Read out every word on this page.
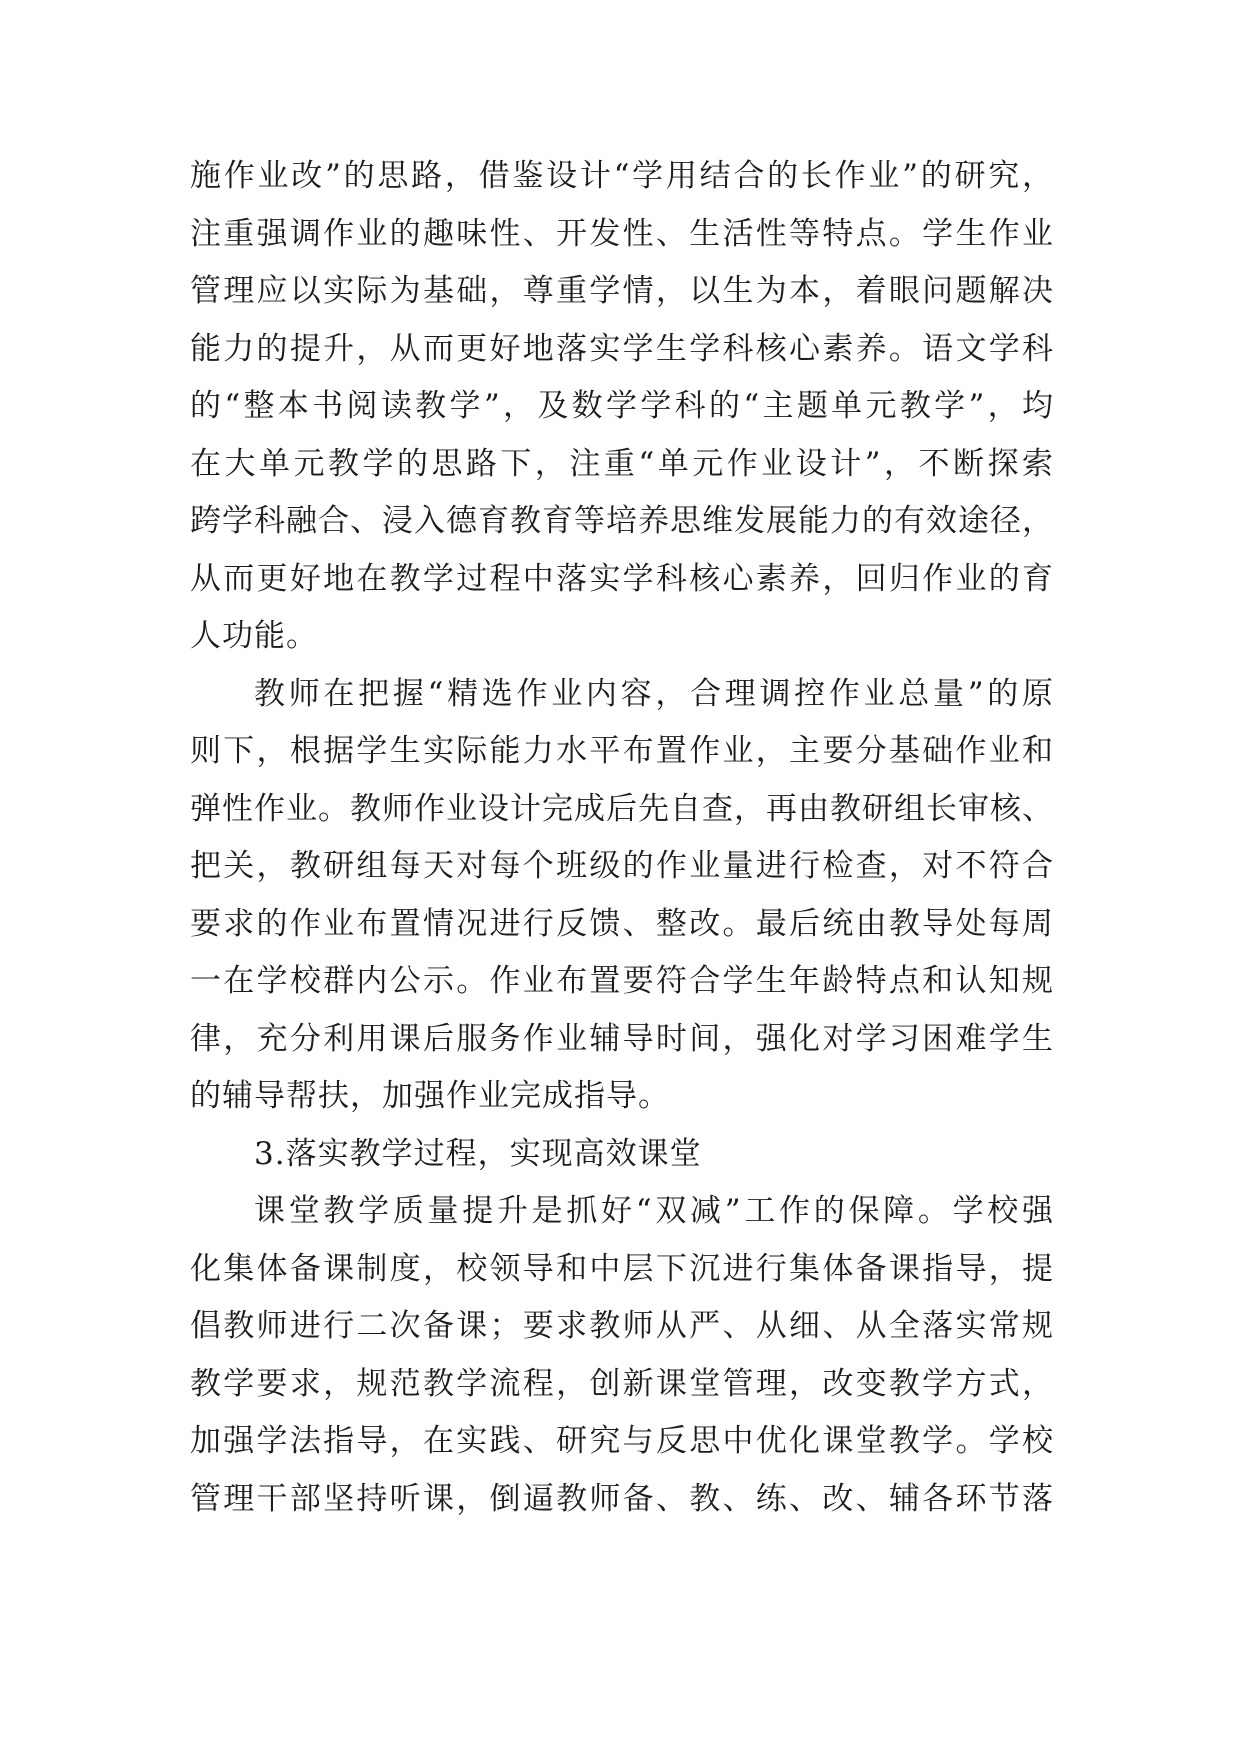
施作业改”的思路，借鉴设计“学用结合的长作业”的研究，
注重强调作业的趣味性、开发性、生活性等特点。学生作业
管理应以实际为基础，尊重学情，以生为本，着眼问题解决
能力的提升，从而更好地落实学生学科核心素养。语文学科
的“整本书阅读教学”，及数学学科的“主题单元教学”，均
在大单元教学的思路下，注重“单元作业设计”，不断探索
跨学科融合、浸入德育教育等培养思维发展能力的有效途径，
从而更好地在教学过程中落实学科核心素养，回归作业的育
人功能。
教师在把握“精选作业内容，合理调控作业总量”的原
则下，根据学生实际能力水平布置作业，主要分基础作业和
弹性作业。教师作业设计完成后先自查，再由教研组长审核、
把关，教研组每天对每个班级的作业量进行检查，对不符合
要求的作业布置情况进行反馈、整改。最后统由教导处每周
一在学校群内公示。作业布置要符合学生年龄特点和认知规
律，充分利用课后服务作业辅导时间，强化对学习困难学生
的辅导帮扶，加强作业完成指导。
3.落实教学过程，实现高效课堂
课堂教学质量提升是抓好“双减”工作的保障。学校强
化集体备课制度，校领导和中层下沉进行集体备课指导，提
倡教师进行二次备课；要求教师从严、从细、从全落实常规
教学要求，规范教学流程，创新课堂管理，改变教学方式，
加强学法指导，在实践、研究与反思中优化课堂教学。学校
管理干部坚持听课，倒逼教师备、教、练、改、辅各环节落
